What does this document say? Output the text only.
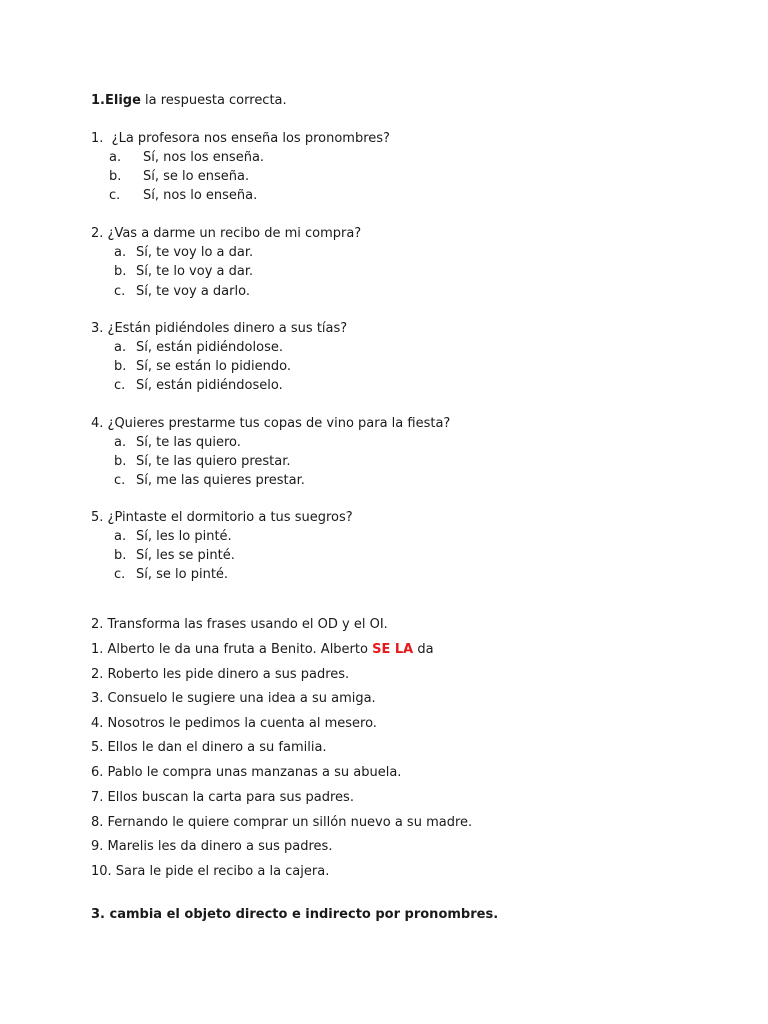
1.Elige la respuesta correcta.
1. ¿La profesora nos enseña los pronombres?
a. Sí, nos los enseña.
b. Sí, se lo enseña.
c. Sí, nos lo enseña.
2. ¿Vas a darme un recibo de mi compra?
a. Sí, te voy lo a dar.
b. Sí, te lo voy a dar.
c. Sí, te voy a darlo.
3. ¿Están pidiéndoles dinero a sus tías?
a. Sí, están pidiéndolose.
b. Sí, se están lo pidiendo.
c. Sí, están pidiéndoselo.
4. ¿Quieres prestarme tus copas de vino para la fiesta?
a. Sí, te las quiero.
b. Sí, te las quiero prestar.
c. Sí, me las quieres prestar.
5. ¿Pintaste el dormitorio a tus suegros?
a. Sí, les lo pinté.
b. Sí, les se pinté.
c. Sí, se lo pinté.
2. Transforma las frases usando el OD y el OI.
1. Alberto le da una fruta a Benito. Alberto SE LA da
2. Roberto les pide dinero a sus padres.
3. Consuelo le sugiere una idea a su amiga.
4. Nosotros le pedimos la cuenta al mesero.
5. Ellos le dan el dinero a su familia.
6. Pablo le compra unas manzanas a su abuela.
7. Ellos buscan la carta para sus padres.
8. Fernando le quiere comprar un sillón nuevo a su madre.
9. Marelis les da dinero a sus padres.
10. Sara le pide el recibo a la cajera.
3. cambia el objeto directo e indirecto por pronombres.
